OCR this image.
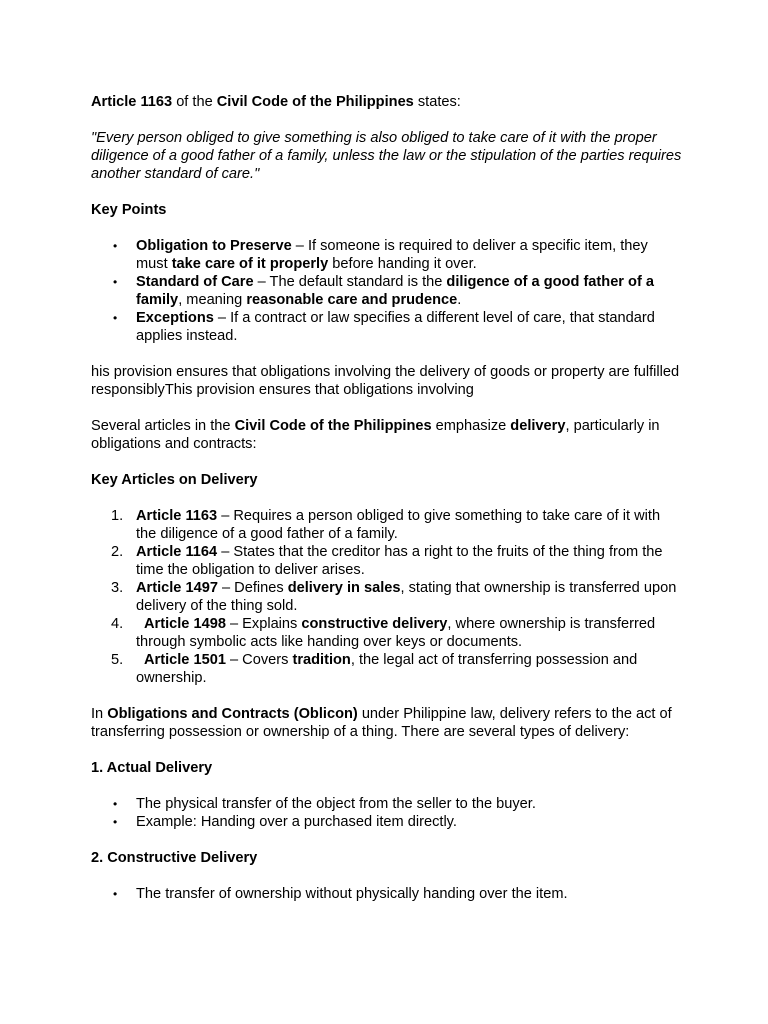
Article 1163 of the Civil Code of the Philippines states:

"Every person obliged to give something is also obliged to take care of it with the proper diligence of a good father of a family, unless the law or the stipulation of the parties requires another standard of care."

Key Points

• Obligation to Preserve – If someone is required to deliver a specific item, they must take care of it properly before handing it over.
• Standard of Care – The default standard is the diligence of a good father of a family, meaning reasonable care and prudence.
• Exceptions – If a contract or law specifies a different level of care, that standard applies instead.

his provision ensures that obligations involving the delivery of goods or property are fulfilled responsiblyThis provision ensures that obligations involving

Several articles in the Civil Code of the Philippines emphasize delivery, particularly in obligations and contracts:

Key Articles on Delivery

1. Article 1163 – Requires a person obliged to give something to take care of it with the diligence of a good father of a family.
2. Article 1164 – States that the creditor has a right to the fruits of the thing from the time the obligation to deliver arises.
3. Article 1497 – Defines delivery in sales, stating that ownership is transferred upon delivery of the thing sold.
4. Article 1498 – Explains constructive delivery, where ownership is transferred through symbolic acts like handing over keys or documents.
5. Article 1501 – Covers tradition, the legal act of transferring possession and ownership.

In Obligations and Contracts (Oblicon) under Philippine law, delivery refers to the act of transferring possession or ownership of a thing. There are several types of delivery:

1. Actual Delivery

• The physical transfer of the object from the seller to the buyer.
• Example: Handing over a purchased item directly.

2. Constructive Delivery

• The transfer of ownership without physically handing over the item.
